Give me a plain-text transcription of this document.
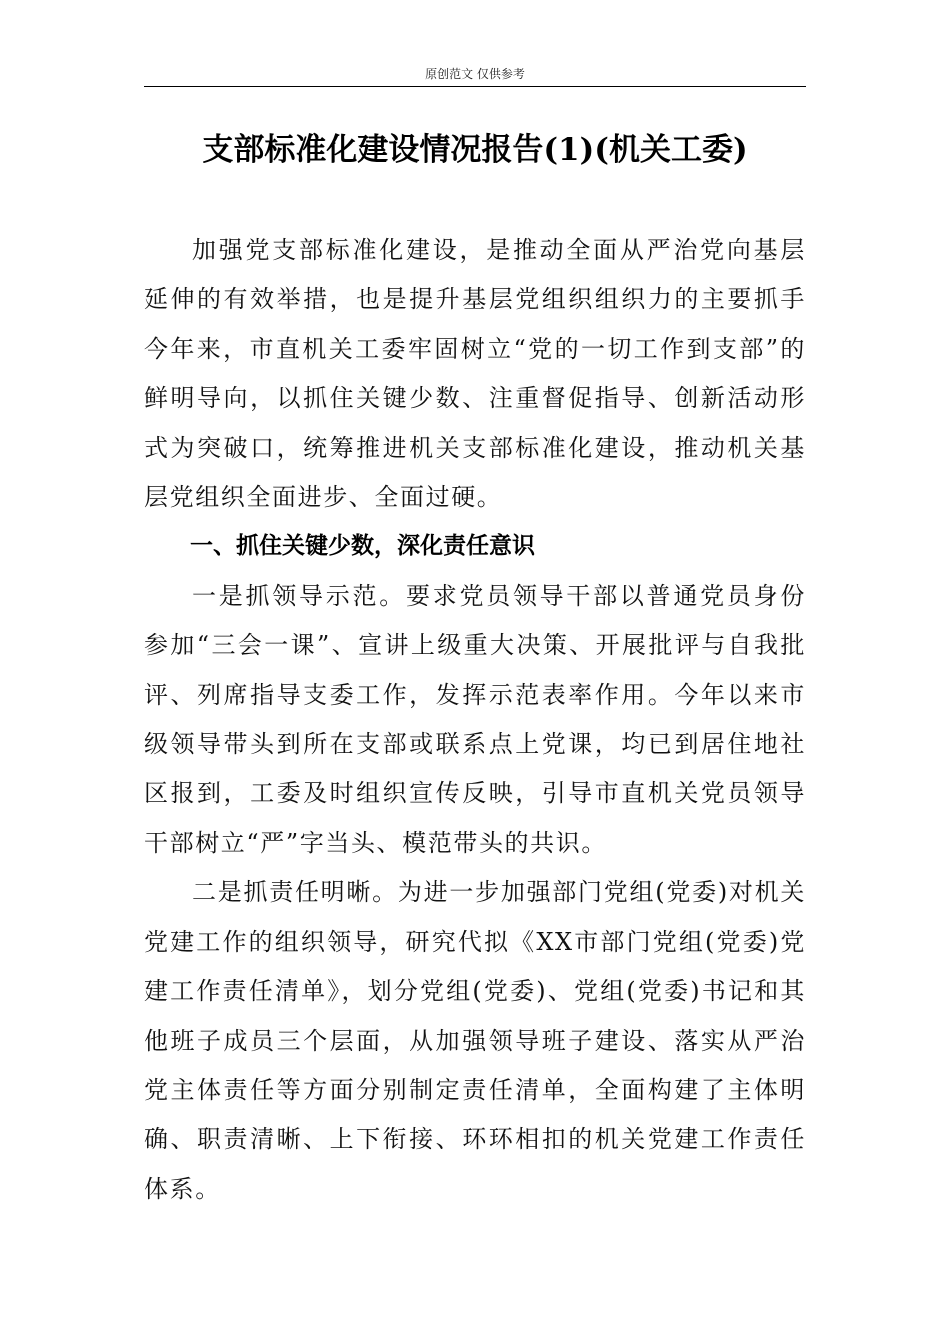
原创范文 仅供参考
支部标准化建设情况报告(1)(机关工委)

加强党支部标准化建设，是推动全面从严治党向基层延伸的有效举措，也是提升基层党组织组织力的主要抓手今年来，市直机关工委牢固树立“党的一切工作到支部”的鲜明导向，以抓住关键少数、注重督促指导、创新活动形式为突破口，统筹推进机关支部标准化建设，推动机关基层党组织全面进步、全面过硬。

一、抓住关键少数，深化责任意识

一是抓领导示范。要求党员领导干部以普通党员身份参加“三会一课”、宣讲上级重大决策、开展批评与自我批评、列席指导支委工作，发挥示范表率作用。今年以来市级领导带头到所在支部或联系点上党课，均已到居住地社区报到，工委及时组织宣传反映，引导市直机关党员领导干部树立“严”字当头、模范带头的共识。

二是抓责任明晰。为进一步加强部门党组(党委)对机关党建工作的组织领导，研究代拟《XX市部门党组(党委)党建工作责任清单》，划分党组(党委)、党组(党委)书记和其他班子成员三个层面，从加强领导班子建设、落实从严治党主体责任等方面分别制定责任清单，全面构建了主体明确、职责清晰、上下衔接、环环相扣的机关党建工作责任体系。
